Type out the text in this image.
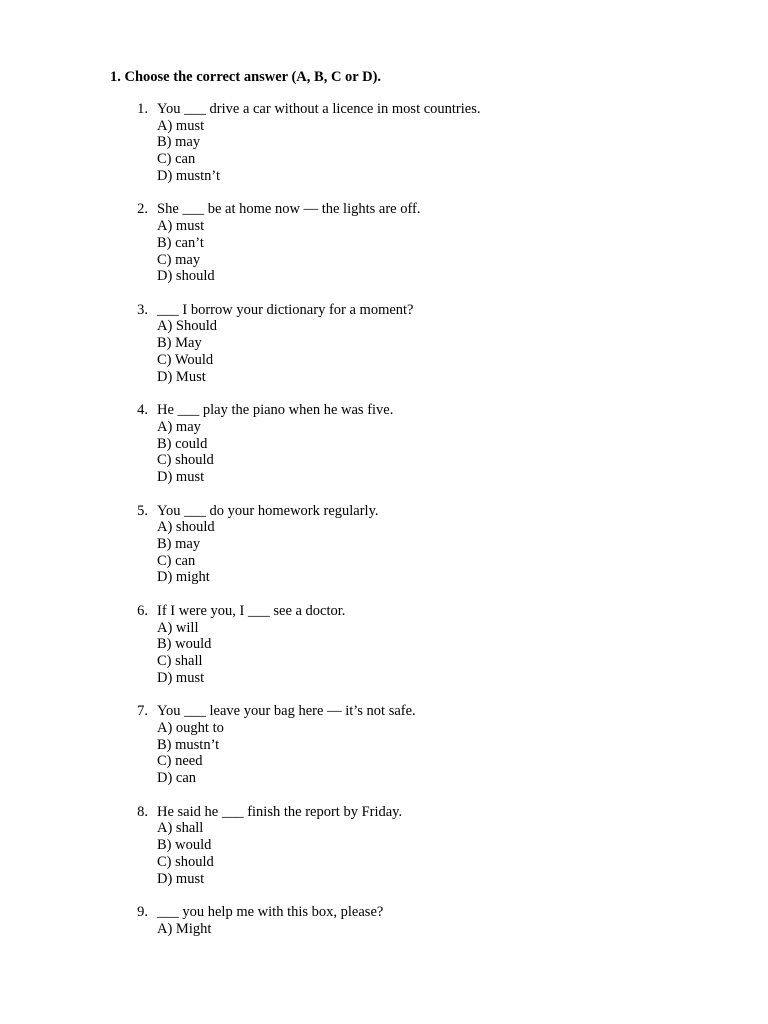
1. Choose the correct answer (A, B, C or D).
1. You ___ drive a car without a licence in most countries.
A) must
B) may
C) can
D) mustn’t
2. She ___ be at home now — the lights are off.
A) must
B) can’t
C) may
D) should
3. ___ I borrow your dictionary for a moment?
A) Should
B) May
C) Would
D) Must
4. He ___ play the piano when he was five.
A) may
B) could
C) should
D) must
5. You ___ do your homework regularly.
A) should
B) may
C) can
D) might
6. If I were you, I ___ see a doctor.
A) will
B) would
C) shall
D) must
7. You ___ leave your bag here — it’s not safe.
A) ought to
B) mustn’t
C) need
D) can
8. He said he ___ finish the report by Friday.
A) shall
B) would
C) should
D) must
9. ___ you help me with this box, please?
A) Might
